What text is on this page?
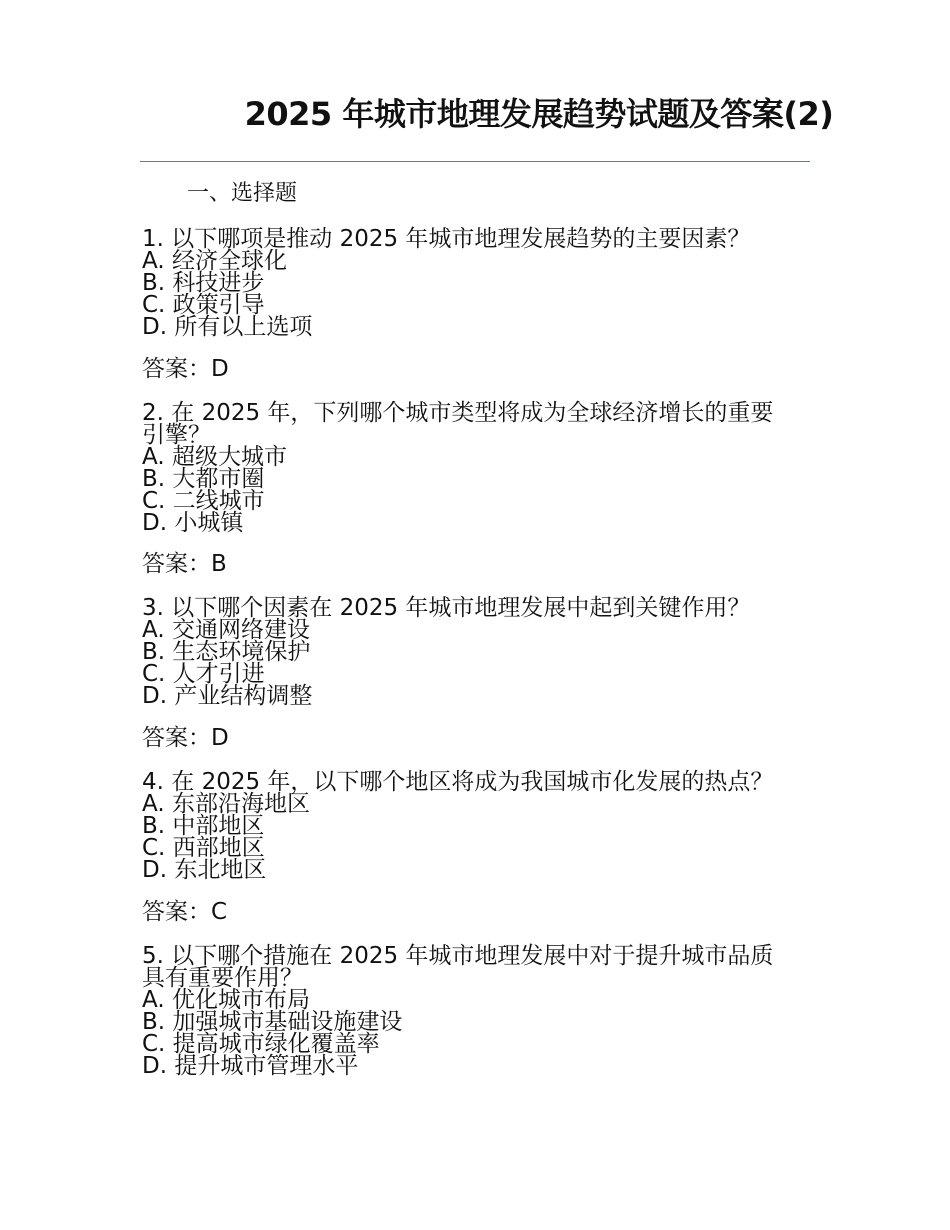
2025 年城市地理发展趋势试题及答案(2)

一、选择题

1. 以下哪项是推动 2025 年城市地理发展趋势的主要因素？

A. 经济全球化

B. 科技进步

C. 政策引导

D. 所有以上选项

答案：D

2. 在 2025 年，下列哪个城市类型将成为全球经济增长的重要

引擎？

A. 超级大城市

B. 大都市圈

C. 二线城市

D. 小城镇

答案：B

3. 以下哪个因素在 2025 年城市地理发展中起到关键作用？

A. 交通网络建设

B. 生态环境保护

C. 人才引进

D. 产业结构调整

答案：D

4. 在 2025 年，以下哪个地区将成为我国城市化发展的热点？

A. 东部沿海地区

B. 中部地区

C. 西部地区

D. 东北地区

答案：C

5. 以下哪个措施在 2025 年城市地理发展中对于提升城市品质

具有重要作用？

A. 优化城市布局

B. 加强城市基础设施建设

C. 提高城市绿化覆盖率

D. 提升城市管理水平
